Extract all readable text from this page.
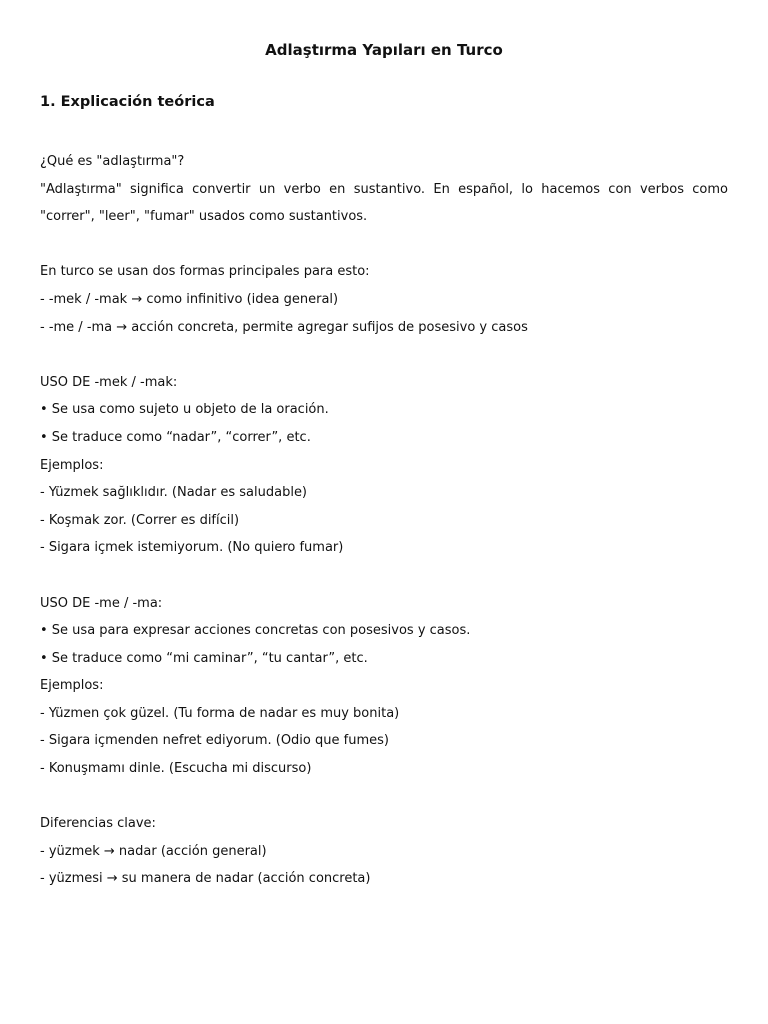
Adlaştırma Yapıları en Turco
1. Explicación teórica

¿Qué es "adlaştırma"?

"Adlaştırma" significa convertir un verbo en sustantivo. En español, lo hacemos con verbos como "correr", "leer", "fumar" usados como sustantivos.

En turco se usan dos formas principales para esto:

- -mek / -mak → como infinitivo (idea general)

- -me / -ma → acción concreta, permite agregar sufijos de posesivo y casos

USO DE -mek / -mak:

• Se usa como sujeto u objeto de la oración.

• Se traduce como “nadar”, “correr”, etc.

Ejemplos:

- Yüzmek sağlıklıdır. (Nadar es saludable)

- Koşmak zor. (Correr es difícil)

- Sigara içmek istemiyorum. (No quiero fumar)

USO DE -me / -ma:

• Se usa para expresar acciones concretas con posesivos y casos.

• Se traduce como “mi caminar”, “tu cantar”, etc.

Ejemplos:

- Yüzmen çok güzel. (Tu forma de nadar es muy bonita)

- Sigara içmenden nefret ediyorum. (Odio que fumes)

- Konuşmamı dinle. (Escucha mi discurso)

Diferencias clave:

- yüzmek → nadar (acción general)

- yüzmesi → su manera de nadar (acción concreta)
